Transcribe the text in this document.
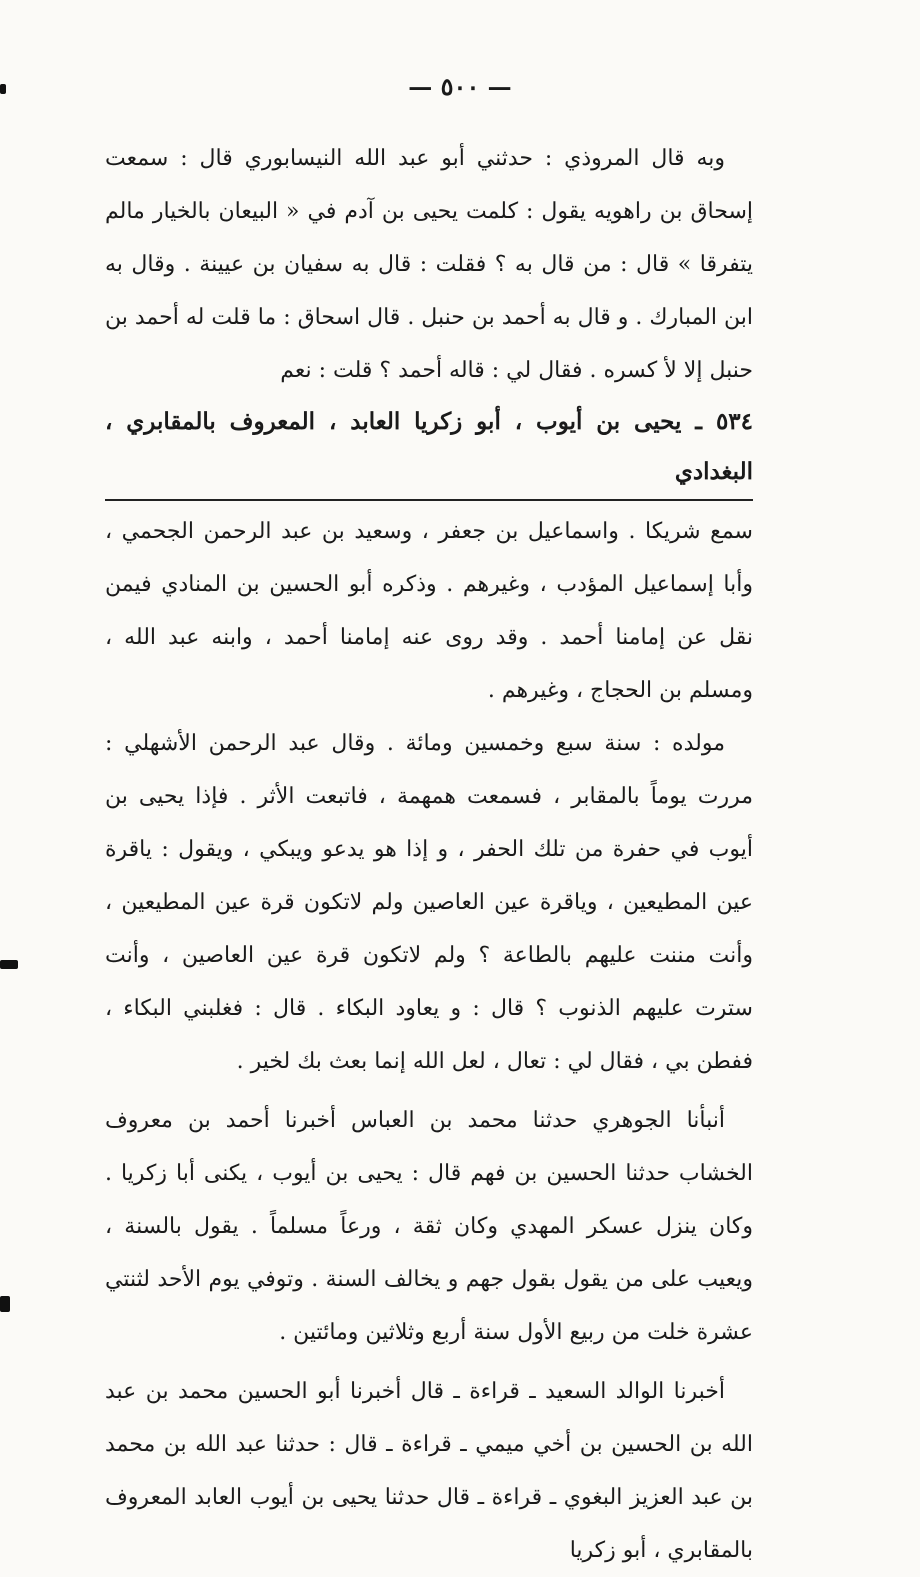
— ٥٠٠ —

وبه قال المروذي : حدثني أبو عبد الله النيسابوري قال : سمعت إسحاق بن راهويه يقول : كلمت يحيى بن آدم في « البيعان بالخيار مالم يتفرقا » قال : من قال به ؟ فقلت : قال به سفيان بن عيينة . وقال به ابن المبارك . و قال به أحمد بن حنبل . قال اسحاق : ما قلت له أحمد بن حنبل إلا لأ كسره . فقال لي : قاله أحمد ؟ قلت : نعم

٥٣٤ ـ يحيى بن أيوب ، أبو زكريا العابد ، المعروف بالمقابري ، البغدادي

سمع شريكا . واسماعيل بن جعفر ، وسعيد بن عبد الرحمن الجحمي ، وأبا إسماعيل المؤدب ، وغيرهم . وذكره أبو الحسين بن المنادي فيمن نقل عن إمامنا أحمد . وقد روى عنه إمامنا أحمد ، وابنه عبد الله ، ومسلم بن الحجاج ، وغيرهم .

مولده : سنة سبع وخمسين ومائة . وقال عبد الرحمن الأشهلي : مررت يوماً بالمقابر ، فسمعت همهمة ، فاتبعت الأثر . فإذا يحيى بن أيوب في حفرة من تلك الحفر ، و إذا هو يدعو ويبكي ، ويقول : ياقرة عين المطيعين ، وياقرة عين العاصين ولم لاتكون قرة عين المطيعين ، وأنت مننت عليهم بالطاعة ؟ ولم لاتكون قرة عين العاصين ، وأنت سترت عليهم الذنوب ؟ قال : و يعاود البكاء . قال : فغلبني البكاء ، ففطن بي ، فقال لي : تعال ، لعل الله إنما بعث بك لخير .

أنبأنا الجوهري حدثنا محمد بن العباس أخبرنا أحمد بن معروف الخشاب حدثنا الحسين بن فهم قال : يحيى بن أيوب ، يكنى أبا زكريا . وكان ينزل عسكر المهدي وكان ثقة ، ورعاً مسلماً . يقول بالسنة ، ويعيب على من يقول بقول جهم و يخالف السنة . وتوفي يوم الأحد لثنتي عشرة خلت من ربيع الأول سنة أربع وثلاثين ومائتين .

أخبرنا الوالد السعيد ـ قراءة ـ قال أخبرنا أبو الحسين محمد بن عبد الله بن الحسين بن أخي ميمي ـ قراءة ـ قال : حدثنا عبد الله بن محمد بن عبد العزيز البغوي ـ قراءة ـ قال حدثنا يحيى بن أيوب العابد المعروف بالمقابري ، أبو زكريا
